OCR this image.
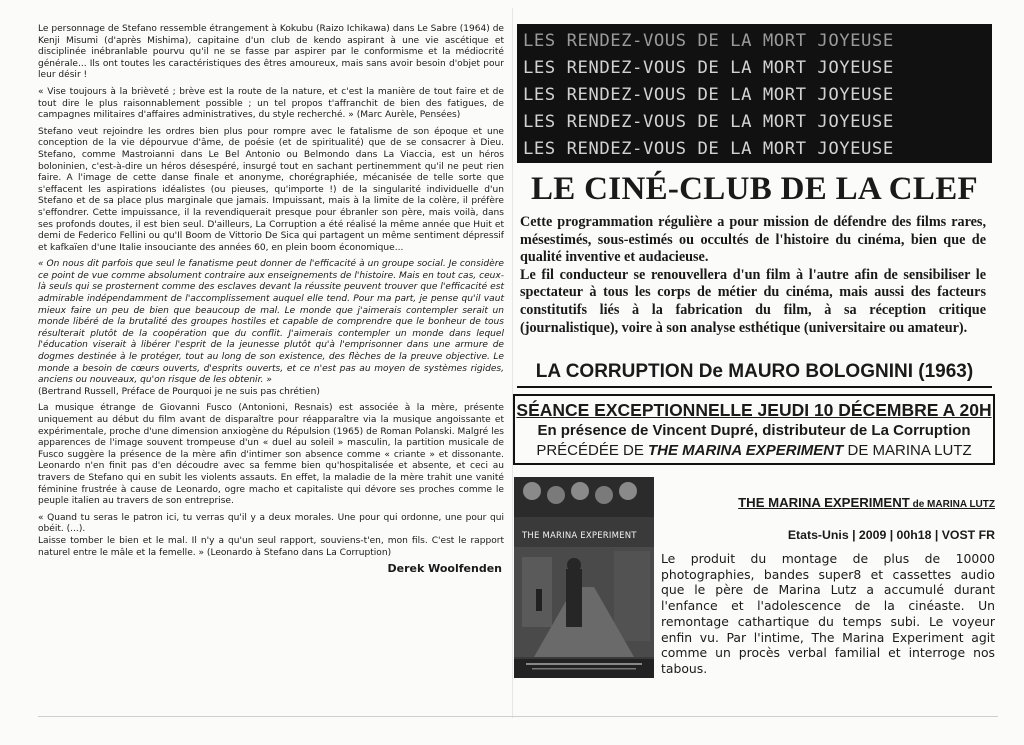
Le personnage de Stefano ressemble étrangement à Kokubu (Raizo Ichikawa) dans Le Sabre (1964) de Kenji Misumi (d'après Mishima), capitaine d'un club de kendo aspirant à une vie ascétique et disciplinée inébranlable pourvu qu'il ne se fasse par aspirer par le conformisme et la médiocrité générale... Ils ont toutes les caractéristiques des êtres amoureux, mais sans avoir besoin d'objet pour leur désir !

« Vise toujours à la brièveté ; brève est la route de la nature, et c'est la manière de tout faire et de tout dire le plus raisonnablement possible ; un tel propos t'affranchit de bien des fatigues, de campagnes militaires d'affaires administratives, du style recherché. » (Marc Aurèle, Pensées)

Stefano veut rejoindre les ordres bien plus pour rompre avec le fatalisme de son époque et une conception de la vie dépourvue d'âme, de poésie (et de spiritualité) que de se consacrer à Dieu. Stefano, comme Mastroianni dans Le Bel Antonio ou Belmondo dans La Viaccia, est un héros boloninien, c'est-à-dire un héros désespéré, insurgé tout en sachant pertinemment qu'il ne peut rien faire. A l'image de cette danse finale et anonyme, chorégraphiée, mécanisée de telle sorte que s'effacent les aspirations idéalistes (ou pieuses, qu'importe !) de la singularité individuelle d'un Stefano et de sa place plus marginale que jamais. Impuissant, mais à la limite de la colère, il préfère s'effondrer. Cette impuissance, il la revendiquerait presque pour ébranler son père, mais voilà, dans ses profonds doutes, il est bien seul. D'ailleurs, La Corruption a été réalisé la même année que Huit et demi de Federico Fellini ou qu'Il Boom de Vittorio De Sica qui partagent un même sentiment dépressif et kafkaïen d'une Italie insouciante des années 60, en plein boom économique...

« On nous dit parfois que seul le fanatisme peut donner de l'efficacité à un groupe social. Je considère ce point de vue comme absolument contraire aux enseignements de l'histoire. Mais en tout cas, ceux-là seuls qui se prosternent comme des esclaves devant la réussite peuvent trouver que l'efficacité est admirable indépendamment de l'accomplissement auquel elle tend. Pour ma part, je pense qu'il vaut mieux faire un peu de bien que beaucoup de mal. Le monde que j'aimerais contempler serait un monde libéré de la brutalité des groupes hostiles et capable de comprendre que le bonheur de tous résulterait plutôt de la coopération que du conflit. J'aimerais contempler un monde dans lequel l'éducation viserait à libérer l'esprit de la jeunesse plutôt qu'à l'emprisonner dans une armure de dogmes destinée à le protéger, tout au long de son existence, des flèches de la preuve objective. Le monde a besoin de cœurs ouverts, d'esprits ouverts, et ce n'est pas au moyen de systèmes rigides, anciens ou nouveaux, qu'on risque de les obtenir. »

(Bertrand Russell, Préface de Pourquoi je ne suis pas chrétien)

La musique étrange de Giovanni Fusco (Antonioni, Resnais) est associée à la mère, présente uniquement au début du film avant de disparaître pour réapparaître via la musique angoissante et expérimentale, proche d'une dimension anxiogène du Répulsion (1965) de Roman Polanski. Malgré les apparences de l'image souvent trompeuse d'un « duel au soleil » masculin, la partition musicale de Fusco suggère la présence de la mère afin d'intimer son absence comme « criante » et dissonante. Leonardo n'en finit pas d'en découdre avec sa femme bien qu'hospitalisée et absente, et ceci au travers de Stefano qui en subit les violents assauts. En effet, la maladie de la mère trahit une vanité féminine frustrée à cause de Leonardo, ogre macho et capitaliste qui dévore ses proches comme le peuple italien au travers de son entreprise.

« Quand tu seras le patron ici, tu verras qu'il y a deux morales. Une pour qui ordonne, une pour qui obéit. (...).

Laisse tomber le bien et le mal. Il n'y a qu'un seul rapport, souviens-t'en, mon fils. C'est le rapport naturel entre le mâle et la femelle. » (Leonardo à Stefano dans La Corruption)

Derek Woolfenden
LES RENDEZ-VOUS DE LA MORT JOYEUSE
LES RENDEZ-VOUS DE LA MORT JOYEUSE
LES RENDEZ-VOUS DE LA MORT JOYEUSE
LES RENDEZ-VOUS DE LA MORT JOYEUSE
LES RENDEZ-VOUS DE LA MORT JOYEUSE
LE CINÉ-CLUB DE LA CLEF

Cette programmation régulière a pour mission de défendre des films rares, mésestimés, sous-estimés ou occultés de l'histoire du cinéma, bien que de qualité inventive et audacieuse.

Le fil conducteur se renouvellera d'un film à l'autre afin de sensibiliser le spectateur à tous les corps de métier du cinéma, mais aussi des facteurs constitutifs liés à la fabrication du film, à sa réception critique (journalistique), voire à son analyse esthétique (universitaire ou amateur).

LA CORRUPTION De MAURO BOLOGNINI (1963)
SÉANCE EXCEPTIONNELLE JEUDI 10 DÉCEMBRE A 20H
En présence de Vincent Dupré, distributeur de La Corruption
PRÉCÉDÉE DE THE MARINA EXPERIMENT DE MARINA LUTZ
THE MARINA EXPERIMENT
THE MARINA EXPERIMENT de MARINA LUTZ
Etats-Unis | 2009 | 00h18 | VOST FR
Le produit du montage de plus de 10000 photographies, bandes super8 et cassettes audio que le père de Marina Lutz a accumulé durant l'enfance et l'adolescence de la cinéaste. Un remontage cathartique du temps subi. Le voyeur enfin vu. Par l'intime, The Marina Experiment agit comme un procès verbal familial et interroge nos tabous.
